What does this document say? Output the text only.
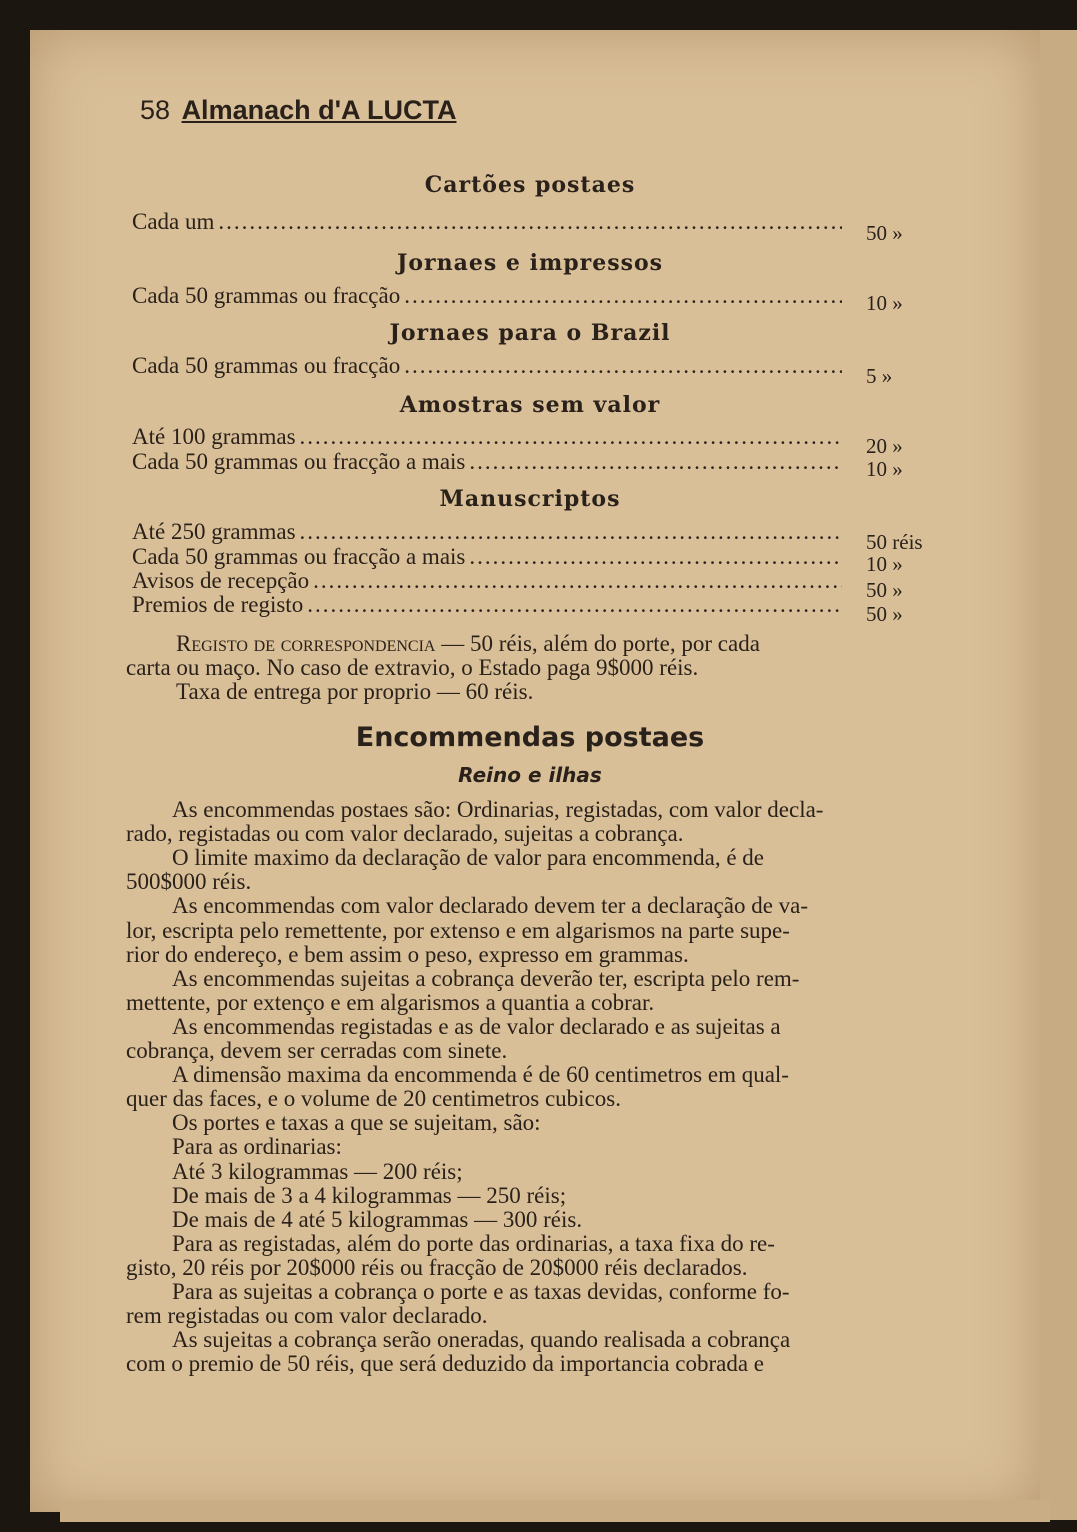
58 Almanach d'A LUCTA
Cartões postaes
Cada um .....	50 »
Jornaes e impressos
Cada 50 grammas ou fracção .....	10 »
Jornaes para o Brazil
Cada 50 grammas ou fracção .....	5 »
Amostras sem valor
Até 100 grammas .....	20 »
Cada 50 grammas ou fracção a mais .....	10 »
Manuscriptos
Até 250 grammas .....	50 réis
Cada 50 grammas ou fracção a mais .....	10 »
Avisos de recepção .....	50 »
Premios de registo .....	50 »
Registo de correspondencia — 50 réis, além do porte, por cada
carta ou maço. No caso de extravio, o Estado paga 9$000 réis.
Taxa de entrega por proprio — 60 réis.
Encommendas postaes
Reino e ilhas
As encommendas postaes são: Ordinarias, registadas, com valor decla-
rado, registadas ou com valor declarado, sujeitas a cobrança.
O limite maximo da declaração de valor para encommenda, é de
500$000 réis.
As encommendas com valor declarado devem ter a declaração de va-
lor, escripta pelo remettente, por extenso e em algarismos na parte supe-
rior do endereço, e bem assim o peso, expresso em grammas.
As encommendas sujeitas a cobrança deverão ter, escripta pelo rem-
mettente, por extenço e em algarismos a quantia a cobrar.
As encommendas registadas e as de valor declarado e as sujeitas a
cobrança, devem ser cerradas com sinete.
A dimensão maxima da encommenda é de 60 centimetros em qual-
quer das faces, e o volume de 20 centimetros cubicos.
Os portes e taxas a que se sujeitam, são:
Para as ordinarias:
Até 3 kilogrammas — 200 réis;
De mais de 3 a 4 kilogrammas — 250 réis;
De mais de 4 até 5 kilogrammas — 300 réis.
Para as registadas, além do porte das ordinarias, a taxa fixa do re-
gisto, 20 réis por 20$000 réis ou fracção de 20$000 réis declarados.
Para as sujeitas a cobrança o porte e as taxas devidas, conforme fo-
rem registadas ou com valor declarado.
As sujeitas a cobrança serão oneradas, quando realisada a cobrança
com o premio de 50 réis, que será deduzido da importancia cobrada e
